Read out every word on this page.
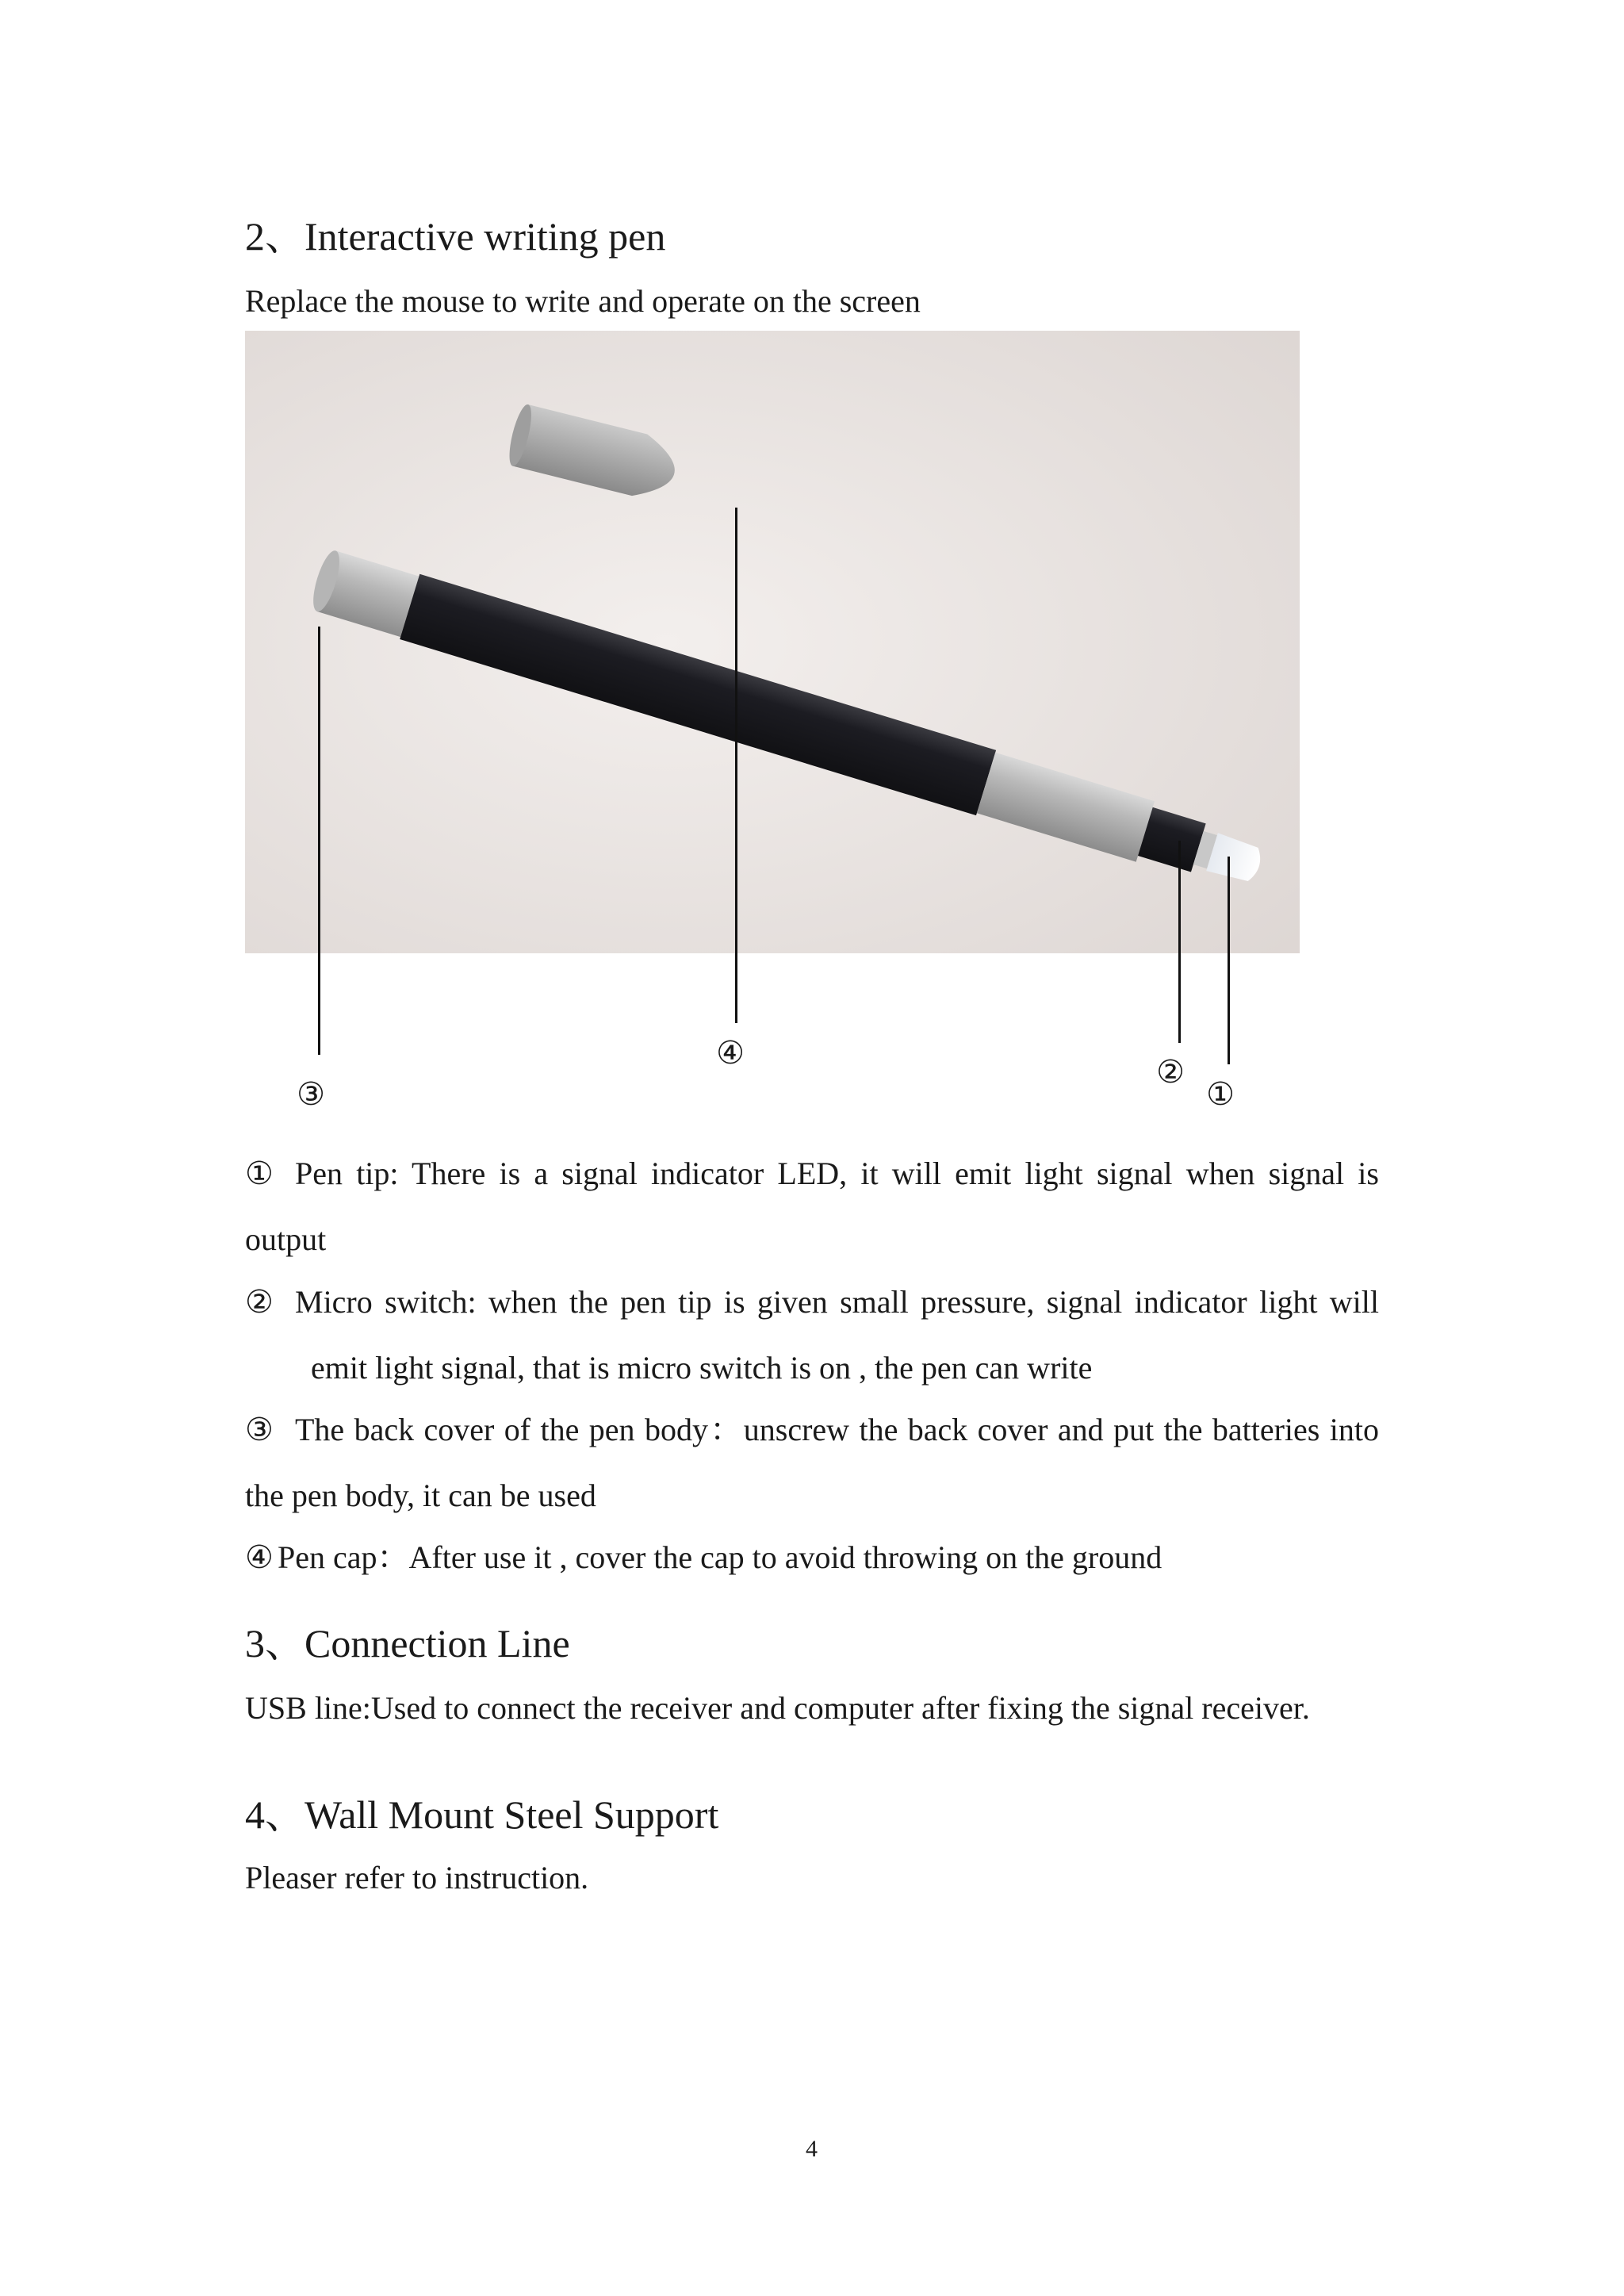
2、Interactive writing pen
Replace the mouse to write and operate on the screen
④
②
③	①
① Pen tip: There is a signal indicator LED, it will emit light signal when signal is
output
② Micro switch: when the pen tip is given small pressure, signal indicator light will
emit light signal, that is micro switch is on , the pen can write
③ The back cover of the pen body：unscrew the back cover and put the batteries into
the pen body, it can be used
④ Pen cap：After use it , cover the cap to avoid throwing on the ground
3、Connection Line
USB line:Used to connect the receiver and computer after fixing the signal receiver.
4、Wall Mount Steel Support
Pleaser refer to instruction.
4
